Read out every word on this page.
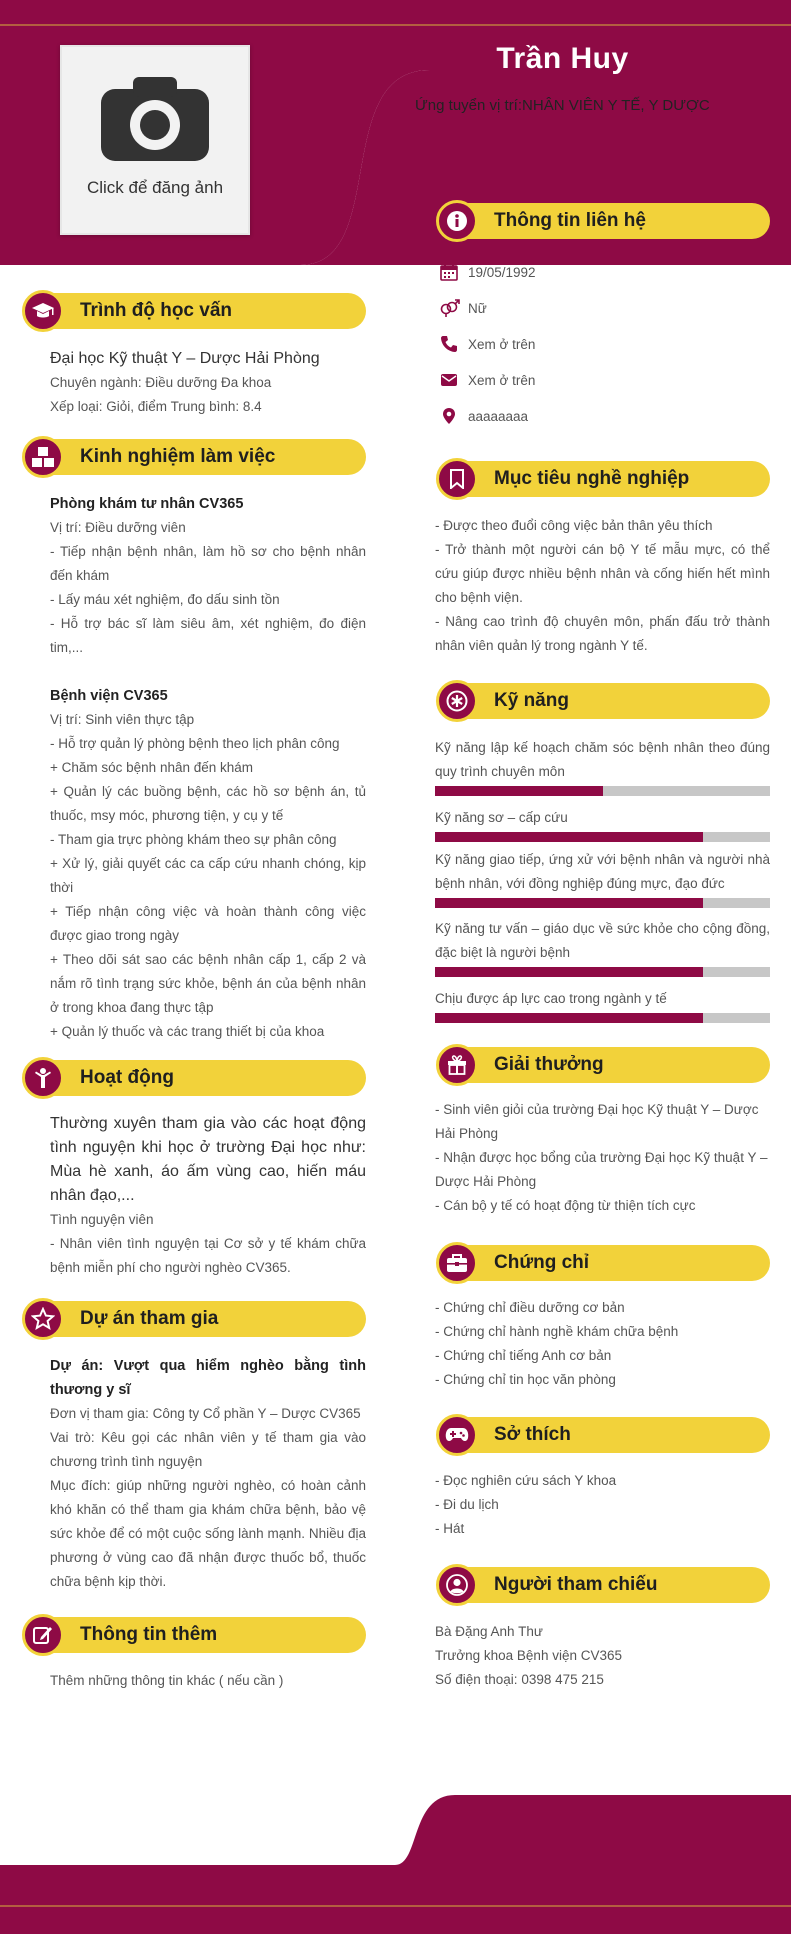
Click để đăng ảnh
Trần Huy
Ứng tuyển vị trí:NHÂN VIÊN Y TẾ, Y DƯỢC
Trình độ học vấn

Đại học Kỹ thuật Y – Dược Hải Phòng

Chuyên ngành: Điều dưỡng Đa khoa

Xếp loại: Giỏi, điểm Trung bình: 8.4

Kinh nghiệm làm việc

Phòng khám tư nhân CV365

Vị trí: Điều dưỡng viên

- Tiếp nhận bệnh nhân, làm hồ sơ cho bệnh nhân đến khám

- Lấy máu xét nghiệm, đo dấu sinh tồn

- Hỗ trợ bác sĩ làm siêu âm, xét nghiệm, đo điện tim,...

Bệnh viện CV365

Vị trí: Sinh viên thực tập

- Hỗ trợ quản lý phòng bệnh theo lịch phân công

+ Chăm sóc bệnh nhân đến khám

+ Quản lý các buồng bệnh, các hồ sơ bệnh án, tủ thuốc, msy móc, phương tiện, y cụ y tế

- Tham gia trực phòng khám theo sự phân công

+ Xử lý, giải quyết các ca cấp cứu nhanh chóng, kịp thời

+ Tiếp nhận công việc và hoàn thành công việc được giao trong ngày

+ Theo dõi sát sao các bệnh nhân cấp 1, cấp 2 và nắm rõ tình trạng sức khỏe, bệnh án của bệnh nhân ở trong khoa đang thực tập

+ Quản lý thuốc và các trang thiết bị của khoa

Hoạt động

Thường xuyên tham gia vào các hoạt động tình nguyện khi học ở trường Đại học như: Mùa hè xanh, áo ấm vùng cao, hiến máu nhân đạo,...

Tình nguyện viên

- Nhân viên tình nguyện tại Cơ sở y tế khám chữa bệnh miễn phí cho người nghèo CV365.

Dự án tham gia

Dự án: Vượt qua hiểm nghèo bằng tình thương y sĩ

Đơn vị tham gia: Công ty Cổ phần Y – Dược CV365

Vai trò: Kêu gọi các nhân viên y tế tham gia vào chương trình tình nguyện

Mục đích: giúp những người nghèo, có hoàn cảnh khó khăn có thể tham gia khám chữa bệnh, bảo vệ sức khỏe để có một cuộc sống lành mạnh. Nhiều địa phương ở vùng cao đã nhận được thuốc bổ, thuốc chữa bệnh kịp thời.

Thông tin thêm

Thêm những thông tin khác ( nếu cần )

Thông tin liên hệ
19/05/1992
Nữ
Xem ở trên
Xem ở trên
aaaaaaaa
Mục tiêu nghề nghiệp

- Được theo đuổi công việc bản thân yêu thích

- Trở thành một người cán bộ Y tế mẫu mực, có thể cứu giúp được nhiều bệnh nhân và cống hiến hết mình cho bệnh viện.

- Nâng cao trình độ chuyên môn, phấn đấu trở thành nhân viên quản lý trong ngành Y tế.

Kỹ năng
Kỹ năng lập kế hoạch chăm sóc bệnh nhân theo đúng quy trình chuyên môn
Kỹ năng sơ – cấp cứu
Kỹ năng giao tiếp, ứng xử với bệnh nhân và người nhà bệnh nhân, với đồng nghiệp đúng mực, đạo đức
Kỹ năng tư vấn – giáo dục về sức khỏe cho cộng đồng, đặc biệt là người bệnh
Chịu được áp lực cao trong ngành y tế
Giải thưởng

- Sinh viên giỏi của trường Đại học Kỹ thuật Y – Dược Hải Phòng

- Nhận được học bổng của trường Đại học Kỹ thuật Y – Dược Hải Phòng

- Cán bộ y tế có hoạt động từ thiện tích cực

Chứng chỉ

- Chứng chỉ điều dưỡng cơ bản

- Chứng chỉ hành nghề khám chữa bệnh

- Chứng chỉ tiếng Anh cơ bản

- Chứng chỉ tin học văn phòng

Sở thích

- Đọc nghiên cứu sách Y khoa

- Đi du lịch

- Hát

Người tham chiếu

Bà Đặng Anh Thư

Trưởng khoa Bệnh viện CV365

Số điện thoại: 0398 475 215
